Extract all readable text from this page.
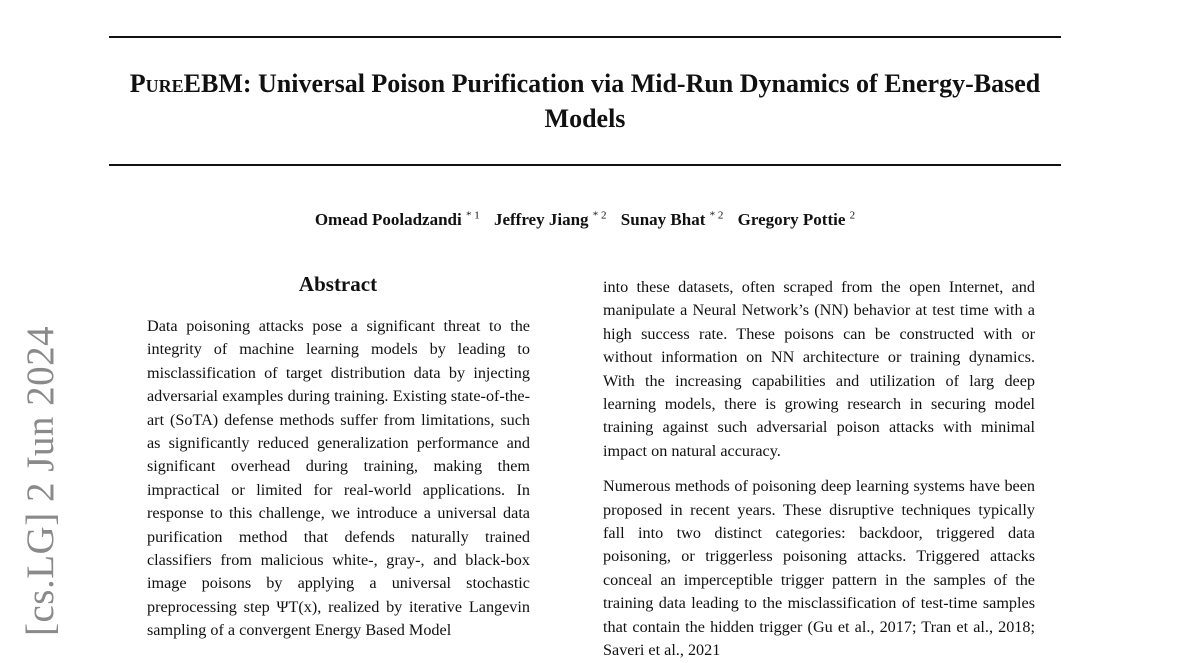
PureEBM: Universal Poison Purification via Mid-Run Dynamics of Energy-Based Models
Omead Pooladzandi $^{* 1}$ Jeffrey Jiang $^{* 2}$ Sunay Bhat $^{* 2}$ Gregory Pottie $^2$
[cs.LG] 2 Jun 2024
Abstract

Data poisoning attacks pose a significant threat to the integrity of machine learning models by leading to misclassification of target distribution data by injecting adversarial examples during training. Existing state-of-the-art (SoTA) defense methods suffer from limitations, such as significantly reduced generalization performance and significant overhead during training, making them impractical or limited for real-world applications. In response to this challenge, we introduce a universal data purification method that defends naturally trained classifiers from malicious white-, gray-, and black-box image poisons by applying a universal stochastic preprocessing step ΨT(x), realized by iterative Langevin sampling of a convergent Energy Based Model

into these datasets, often scraped from the open Internet, and manipulate a Neural Network’s (NN) behavior at test time with a high success rate. These poisons can be constructed with or without information on NN architecture or training dynamics. With the increasing capabilities and utilization of larg deep learning models, there is growing research in securing model training against such adversarial poison attacks with minimal impact on natural accuracy.

Numerous methods of poisoning deep learning systems have been proposed in recent years. These disruptive techniques typically fall into two distinct categories: backdoor, triggered data poisoning, or triggerless poisoning attacks. Triggered attacks conceal an imperceptible trigger pattern in the samples of the training data leading to the misclassification of test-time samples that contain the hidden trigger (Gu et al., 2017; Tran et al., 2018; Saveri et al., 2021
